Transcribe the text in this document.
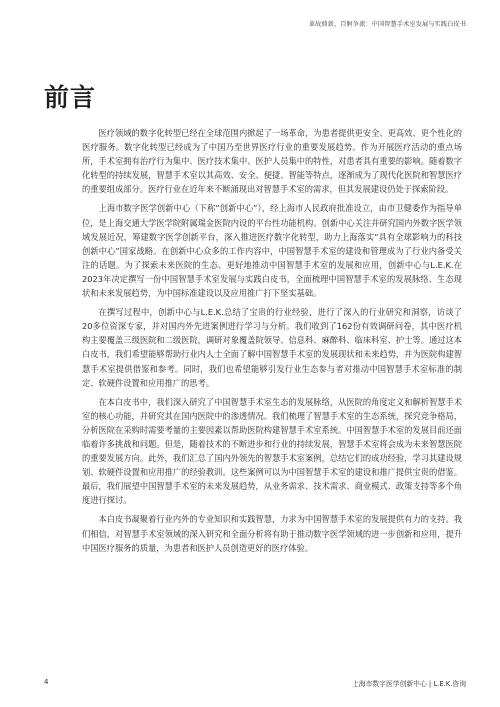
革故鼎新，百舸争流：中国智慧手术室发展与实践白皮书
前言

医疗领域的数字化转型已经在全球范围内掀起了一场革命，为患者提供更安全、更高效、更个性化的医疗服务。数字化转型已经成为了中国乃至世界医疗行业的重要发展趋势。作为开展医疗活动的重点场所，手术室拥有治疗行为集中、医疗技术集中、医护人员集中的特性，对患者具有重要的影响。随着数字化转型的持续发展，智慧手术室以其高效、安全、便捷、智能等特点，逐渐成为了现代化医院和智慧医疗的重要组成部分。医疗行业在近年来不断涌现出对智慧手术室的需求，但其发展建设仍处于探索阶段。

上海市数字医学创新中心（下称“创新中心”），经上海市人民政府批准设立，由市卫健委作为指导单位，是上海交通大学医学院附属瑞金医院内设的平台性功能机构。创新中心关注并研究国内外数字医学领域发展近况，筹建数字医学创新平台，深入推进医疗数字化转型，助力上海落实“具有全球影响力的科技创新中心”国家战略。在创新中心众多的工作内容中，中国智慧手术室的建设和管理成为了行业内备受关注的话题。为了探索未来医院的生态、更好地推动中国智慧手术室的发展和应用，创新中心与L.E.K.在2023年决定撰写一份中国智慧手术室发展与实践白皮书，全面梳理中国智慧手术室的发展脉络、生态现状和未来发展趋势，为中国标准建设以及应用推广打下坚实基础。

在撰写过程中，创新中心与L.E.K.总结了宝贵的行业经验，进行了深入的行业研究和洞察，访谈了20多位资深专家，并对国内外先进案例进行学习与分析。我们收到了162份有效调研问卷，其中医疗机构主要覆盖三级医院和二级医院，调研对象覆盖院领导、信息科、麻醉科、临床科室、护士等。通过这本白皮书，我们希望能够帮助行业内人士全面了解中国智慧手术室的发展现状和未来趋势，并为医院构建智慧手术室提供借鉴和参考。同时，我们也希望能够引发行业生态参与者对推动中国智慧手术室标准的制定、软硬件设置和应用推广的思考。

在本白皮书中，我们深入研究了中国智慧手术室生态的发展脉络，从医院的角度定义和解析智慧手术室的核心功能，并研究其在国内医院中的渗透情况。我们梳理了智慧手术室的生态系统，探究竞争格局，分析医院在采购时需要考量的主要因素以帮助医院构建智慧手术室系统。中国智慧手术室的发展目前还面临着许多挑战和问题。但是，随着技术的不断进步和行业的持续发展，智慧手术室将会成为未来智慧医院的重要发展方向。此外，我们汇总了国内外领先的智慧手术室案例，总结它们的成功经验，学习其建设规划、软硬件设置和应用推广的经验教训。这些案例可以为中国智慧手术室的建设和推广提供宝贵的借鉴。最后，我们展望中国智慧手术室的未来发展趋势，从业务需求、技术需求、商业模式、政策支持等多个角度进行探讨。

本白皮书凝聚着行业内外的专业知识和实践智慧，力求为中国智慧手术室的发展提供有力的支持。我们相信，对智慧手术室领域的深入研究和全面分析将有助于推动数字医学领域的进一步创新和应用，提升中国医疗服务的质量，为患者和医护人员创造更好的医疗体验。

4	上海市数字医学创新中心 | L.E.K.咨询
